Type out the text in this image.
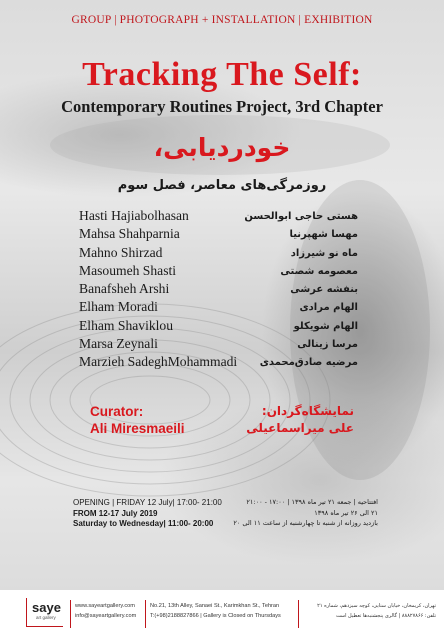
GROUP | PHOTOGRAPH + INSTALLATION | EXHIBITION
Tracking The Self:
Contemporary Routines Project, 3rd Chapter
خودردیابی،
روزمرگی‌های معاصر، فصل سوم
Hasti Hajiabolhasan
Mahsa Shahparnia
Mahno Shirzad
Masoumeh Shasti
Banafsheh Arshi
Elham Moradi
Elham Shaviklou
Marsa Zeynali
Marzieh SadeghMohammadi
هستی حاجی ابوالحسن
مهسا شهپرنیا
ماه نو شیرزاد
معصومه شصتی
بنفشه عرشی
الهام مرادی
الهام شویکلو
مرسا زینالی
مرضیه صادق‌محمدی
Curator:
Ali Miresmaeili
نمایشگاه‌گردان:
علی میراسماعیلی
OPENING | FRIDAY 12 July| 17:00- 21:00
FROM 12-17 July 2019
Saturday to Wednesday| 11:00- 20:00
افتتاحیه | جمعه ۲۱ تیر ماه ۱۳۹۸ | ۱۷:۰۰ - ۲۱:۰۰
۲۱ الی ۲۶ تیر ماه ۱۳۹۸
بازدید روزانه از شنبه تا چهارشنبه از ساعت ۱۱ الی ۲۰
saye
art gallery
www.sayeartgallery.com
info@sayeartgallery.com
No.21, 13th Alley, Sanaei St., Karimkhan St., Tehran
T:(+98)2188827866 | Gallery is Closed on Thursdays
تهران، کریمخان، خیابان سنایی، کوچه سیزدهم، شماره ۲۱
تلفن: ۸۸۸۲۷۸۶۶ | گالری پنجشنبه‌ها تعطیل است
